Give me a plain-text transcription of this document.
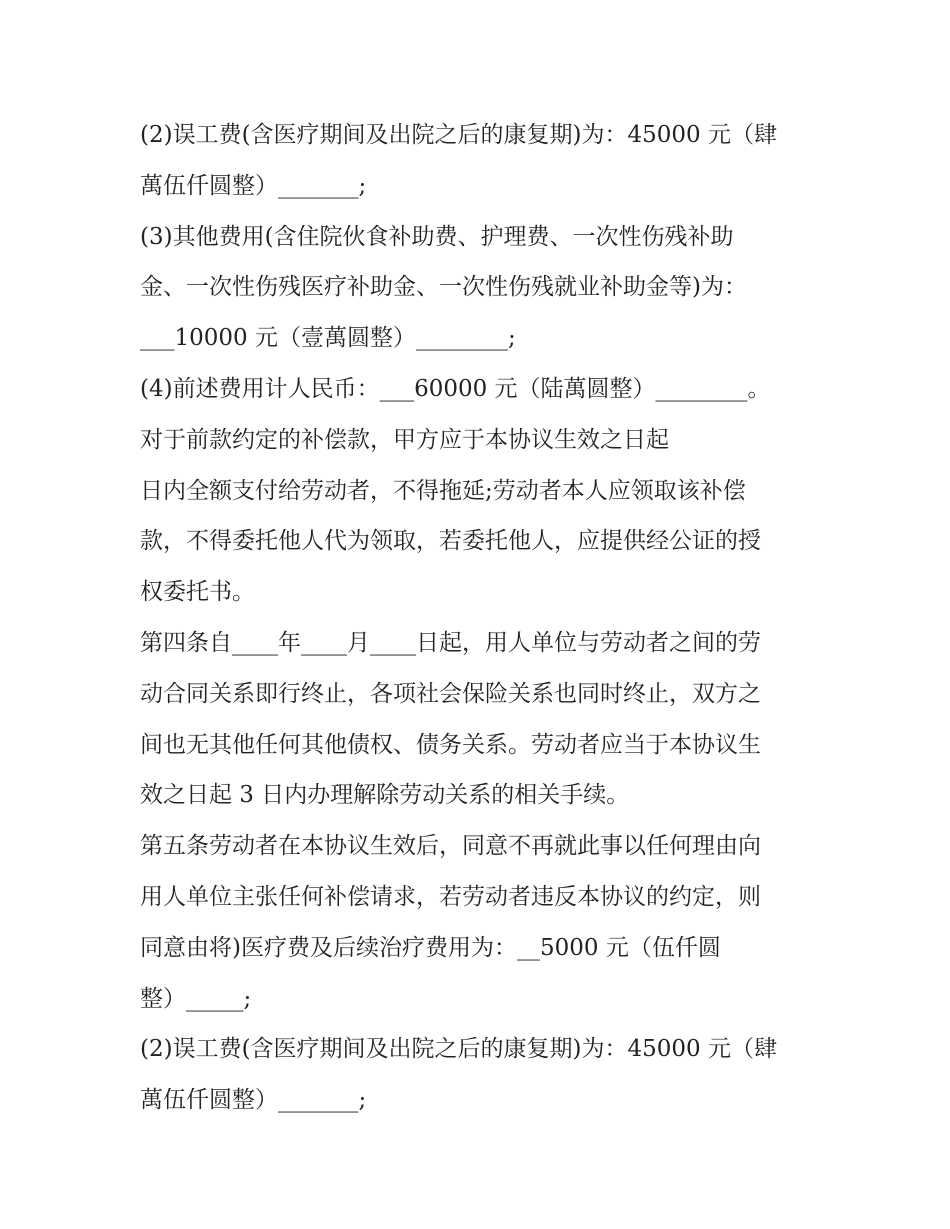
(2)误工费(含医疗期间及出院之后的康复期)为：45000 元（肆
萬伍仟圆整）_______;
(3)其他费用(含住院伙食补助费、护理费、一次性伤残补助
金、一次性伤残医疗补助金、一次性伤残就业补助金等)为：
___10000 元（壹萬圆整）________;
(4)前述费用计人民币：___60000 元（陆萬圆整）________。
对于前款约定的补偿款，甲方应于本协议生效之日起
日内全额支付给劳动者，不得拖延;劳动者本人应领取该补偿
款，不得委托他人代为领取，若委托他人，应提供经公证的授
权委托书。
第四条自____年____月____日起，用人单位与劳动者之间的劳
动合同关系即行终止，各项社会保险关系也同时终止，双方之
间也无其他任何其他债权、债务关系。劳动者应当于本协议生
效之日起 3 日内办理解除劳动关系的相关手续。
第五条劳动者在本协议生效后，同意不再就此事以任何理由向
用人单位主张任何补偿请求，若劳动者违反本协议的约定，则
同意由将)医疗费及后续治疗费用为：__5000 元（伍仟圆
整）_____;
(2)误工费(含医疗期间及出院之后的康复期)为：45000 元（肆
萬伍仟圆整）_______;
